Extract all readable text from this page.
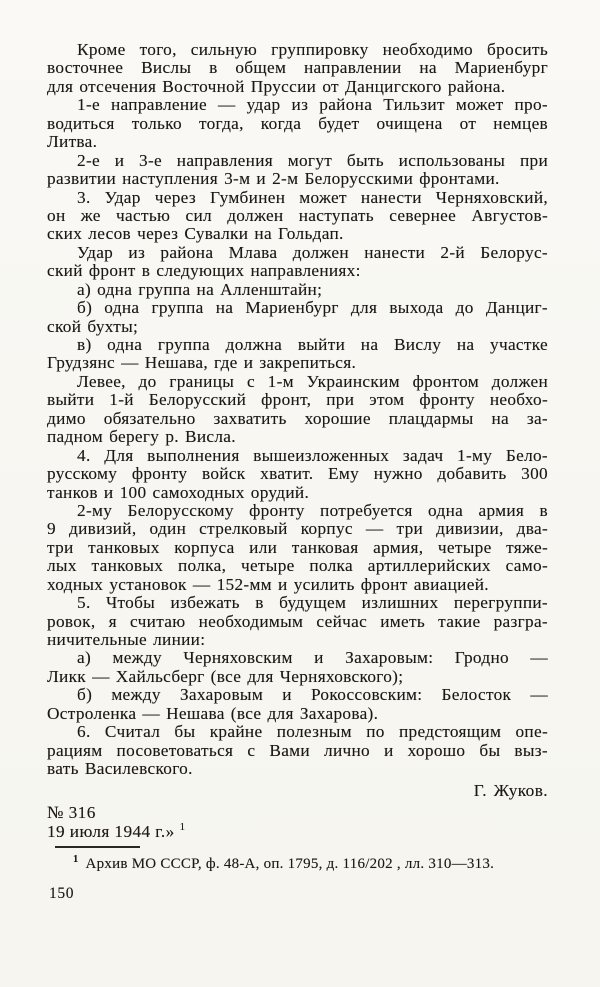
Кроме того, сильную группировку необходимо бросить
восточнее Вислы в общем направлении на Мариенбург
для отсечения Восточной Пруссии от Данцигского района.
1-е направление — удар из района Тильзит может про-
водиться только тогда, когда будет очищена от немцев
Литва.
2-е и 3-е направления могут быть использованы при
развитии наступления 3-м и 2-м Белорусскими фронтами.
3. Удар через Гумбинен может нанести Черняховский,
он же частью сил должен наступать севернее Августов-
ских лесов через Сувалки на Гольдап.
Удар из района Млава должен нанести 2-й Белорус-
ский фронт в следующих направлениях:
а) одна группа на Алленштайн;
б) одна группа на Мариенбург для выхода до Данциг-
ской бухты;
в) одна группа должна выйти на Вислу на участке
Грудзянс — Нешава, где и закрепиться.
Левее, до границы с 1-м Украинским фронтом должен
выйти 1-й Белорусский фронт, при этом фронту необхо-
димо обязательно захватить хорошие плацдармы на за-
падном берегу р. Висла.
4. Для выполнения вышеизложенных задач 1-му Бело-
русскому фронту войск хватит. Ему нужно добавить 300
танков и 100 самоходных орудий.
2-му Белорусскому фронту потребуется одна армия в
9 дивизий, один стрелковый корпус — три дивизии, два-
три танковых корпуса или танковая армия, четыре тяже-
лых танковых полка, четыре полка артиллерийских само-
ходных установок — 152-мм и усилить фронт авиацией.
5. Чтобы избежать в будущем излишних перегруппи-
ровок, я считаю необходимым сейчас иметь такие разгра-
ничительные линии:
а) между Черняховским и Захаровым: Гродно —
Ликк — Хайльсберг (все для Черняховского);
б) между Захаровым и Рокоссовским: Белосток —
Остроленка — Нешава (все для Захарова).
6. Считал бы крайне полезным по предстоящим опе-
рациям посоветоваться с Вами лично и хорошо бы выз-
вать Василевского.
Г. Жуков.
№ 316
19 июля 1944 г.» $^1$
$^1$ Архив МО СССР, ф. 48-А, оп. 1795, д. 116/202 , лл. 310—313.
150
